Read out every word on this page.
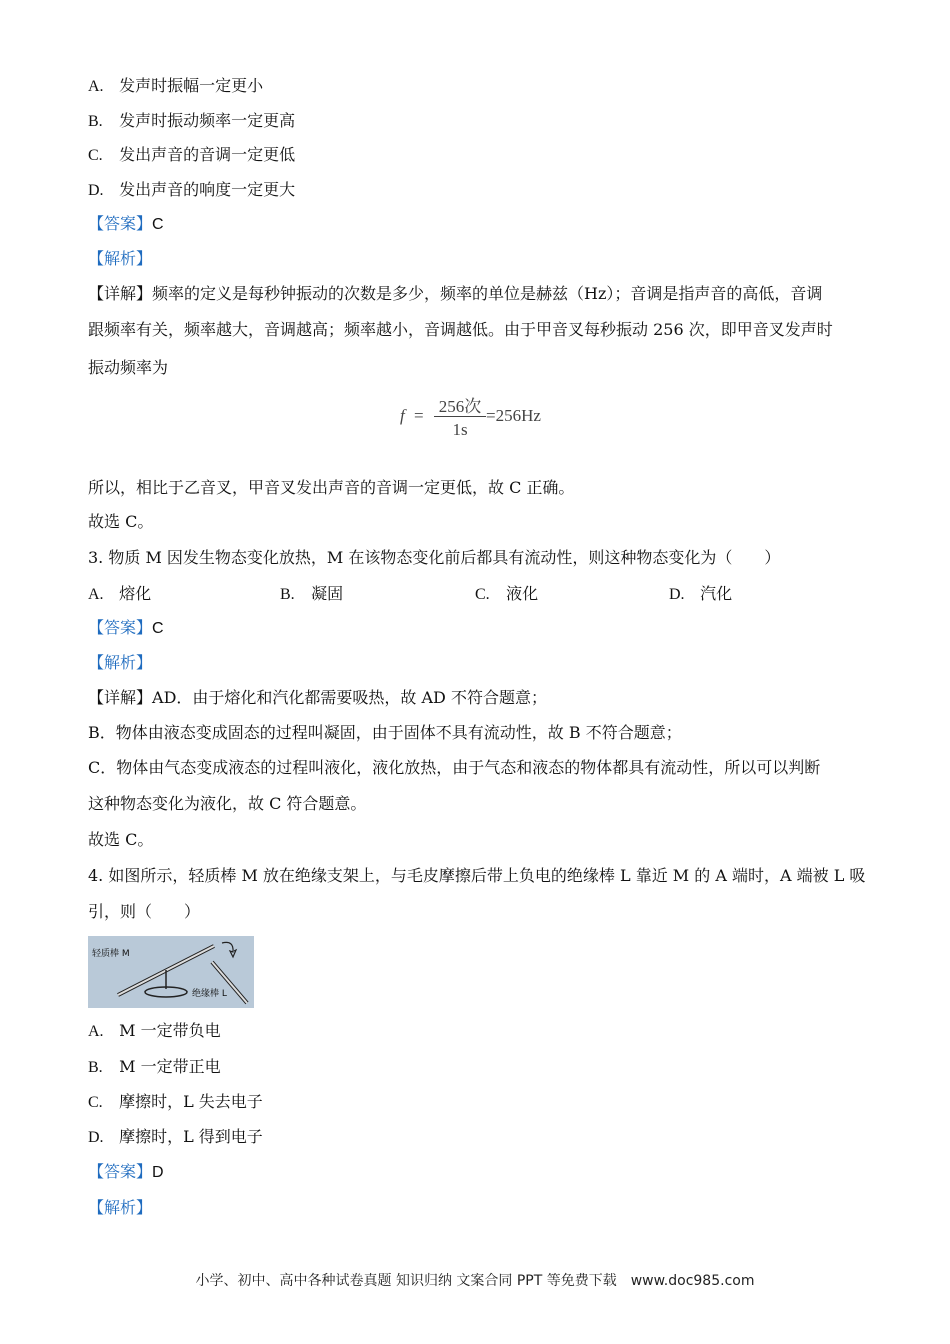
A. 发声时振幅一定更小
B. 发声时振动频率一定更高
C. 发出声音的音调一定更低
D. 发出声音的响度一定更大
【答案】C
【解析】
【详解】频率的定义是每秒钟振动的次数是多少，频率的单位是赫兹（Hz）；音调是指声音的高低，音调
跟频率有关，频率越大，音调越高；频率越小，音调越低。由于甲音叉每秒振动 256 次，即甲音叉发声时
振动频率为
f = 256次
1s
=256Hz
所以，相比于乙音叉，甲音叉发出声音的音调一定更低，故 C 正确。
故选 C。
3. 物质 M 因发生物态变化放热，M 在该物态变化前后都具有流动性，则这种物态变化为（　　）
A. 熔化	B. 凝固	C. 液化	D. 汽化
【答案】C
【解析】
【详解】AD．由于熔化和汽化都需要吸热，故 AD 不符合题意；
B．物体由液态变成固态的过程叫凝固，由于固体不具有流动性，故 B 不符合题意；
C．物体由气态变成液态的过程叫液化，液化放热，由于气态和液态的物体都具有流动性，所以可以判断
这种物态变化为液化，故 C 符合题意。
故选 C。
4. 如图所示，轻质棒 M 放在绝缘支架上，与毛皮摩擦后带上负电的绝缘棒 L 靠近 M 的 A 端时，A 端被 L 吸
引，则（　　）
轻质棒 M
绝缘棒 L
A. M 一定带负电
B. M 一定带正电
C. 摩擦时，L 失去电子
D. 摩擦时，L 得到电子
【答案】D
【解析】
小学、初中、高中各种试卷真题 知识归纳 文案合同 PPT 等免费下载　www.doc985.com
